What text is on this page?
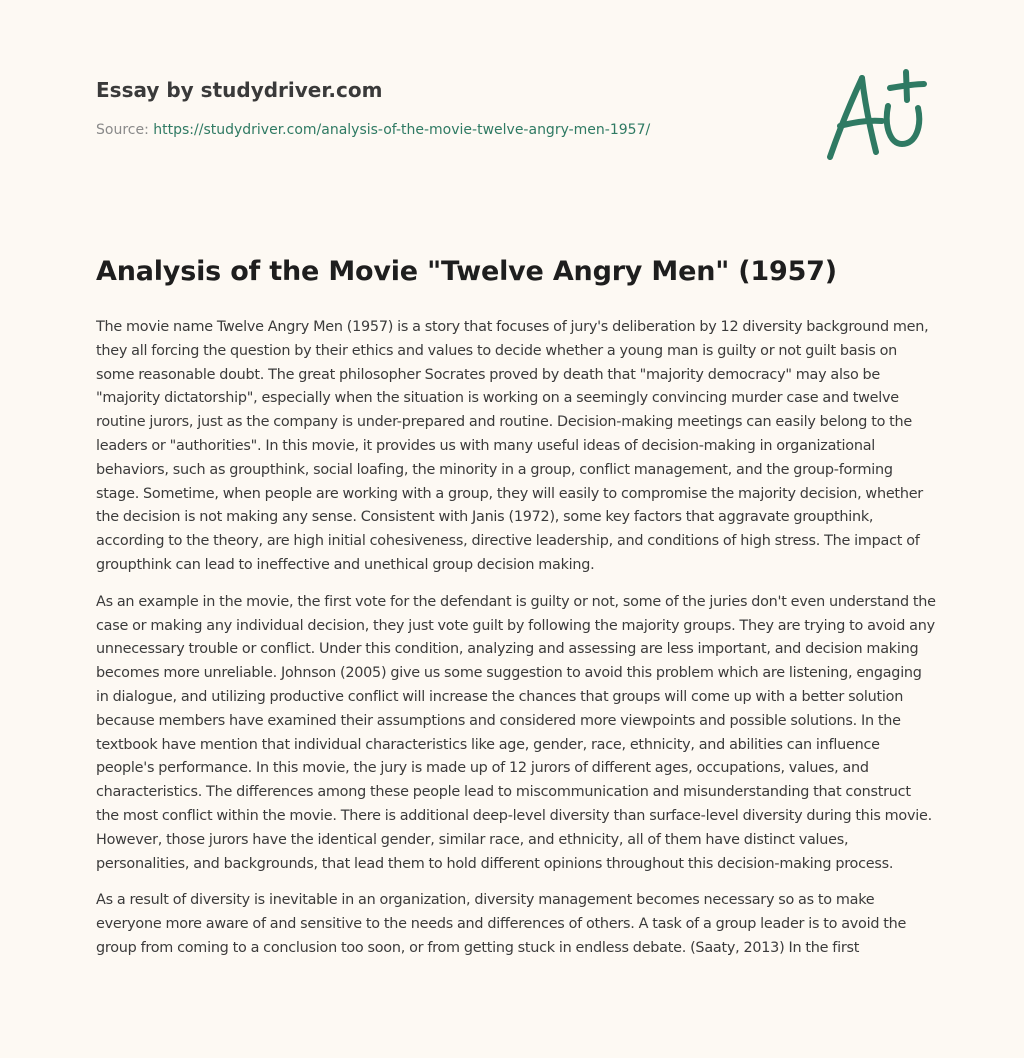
Essay by studydriver.com
Source: https://studydriver.com/analysis-of-the-movie-twelve-angry-men-1957/
Analysis of the Movie "Twelve Angry Men" (1957)

The movie name Twelve Angry Men (1957) is a story that focuses of jury's deliberation by 12 diversity background men, they all forcing the question by their ethics and values to decide whether a young man is guilty or not guilt basis on some reasonable doubt. The great philosopher Socrates proved by death that "majority democracy" may also be "majority dictatorship", especially when the situation is working on a seemingly convincing murder case and twelve routine jurors, just as the company is under-prepared and routine. Decision-making meetings can easily belong to the leaders or "authorities". In this movie, it provides us with many useful ideas of decision-making in organizational behaviors, such as groupthink, social loafing, the minority in a group, conflict management, and the group-forming stage. Sometime, when people are working with a group, they will easily to compromise the majority decision, whether the decision is not making any sense. Consistent with Janis (1972), some key factors that aggravate groupthink, according to the theory, are high initial cohesiveness, directive leadership, and conditions of high stress. The impact of groupthink can lead to ineffective and unethical group decision making.

As an example in the movie, the first vote for the defendant is guilty or not, some of the juries don't even understand the case or making any individual decision, they just vote guilt by following the majority groups. They are trying to avoid any unnecessary trouble or conflict. Under this condition, analyzing and assessing are less important, and decision making becomes more unreliable. Johnson (2005) give us some suggestion to avoid this problem which are listening, engaging in dialogue, and utilizing productive conflict will increase the chances that groups will come up with a better solution because members have examined their assumptions and considered more viewpoints and possible solutions. In the textbook have mention that individual characteristics like age, gender, race, ethnicity, and abilities can influence people's performance. In this movie, the jury is made up of 12 jurors of different ages, occupations, values, and characteristics. The differences among these people lead to miscommunication and misunderstanding that construct the most conflict within the movie. There is additional deep-level diversity than surface-level diversity during this movie. However, those jurors have the identical gender, similar race, and ethnicity, all of them have distinct values, personalities, and backgrounds, that lead them to hold different opinions throughout this decision-making process.

As a result of diversity is inevitable in an organization, diversity management becomes necessary so as to make everyone more aware of and sensitive to the needs and differences of others. A task of a group leader is to avoid the group from coming to a conclusion too soon, or from getting stuck in endless debate. (Saaty, 2013) In the first
